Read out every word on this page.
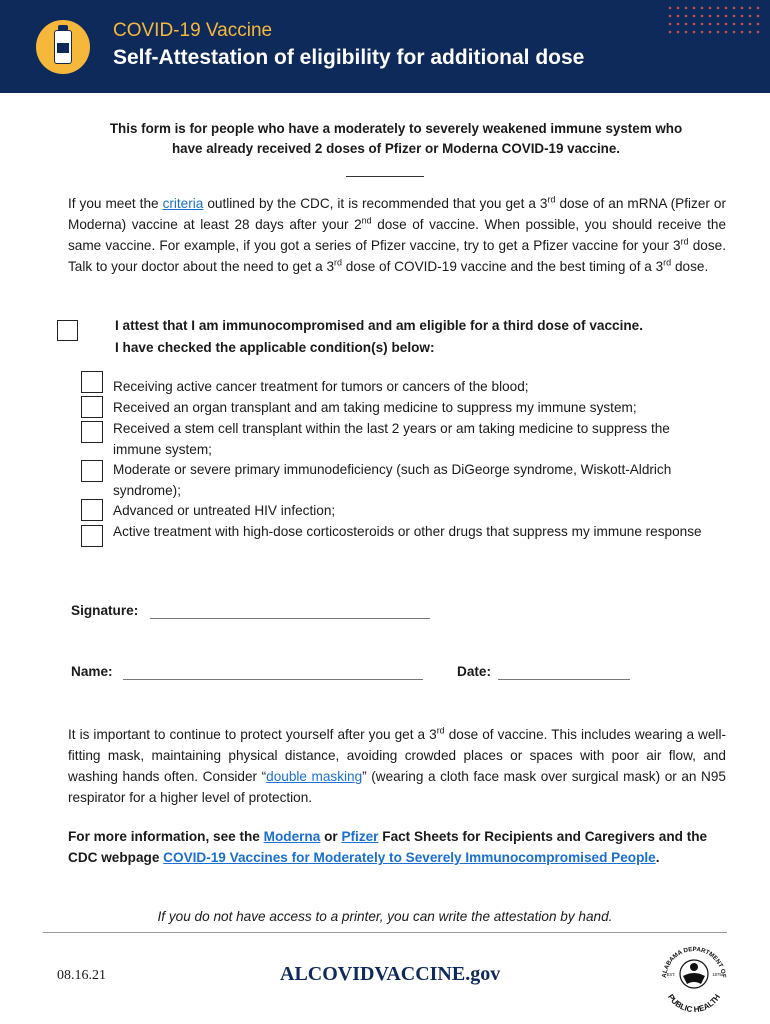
COVID-19 Vaccine
Self-Attestation of eligibility for additional dose
This form is for people who have a moderately to severely weakened immune system who
have already received 2 doses of Pfizer or Moderna COVID-19 vaccine.
If you meet the criteria outlined by the CDC, it is recommended that you get a 3rd dose of an mRNA (Pfizer or Moderna) vaccine at least 28 days after your 2nd dose of vaccine. When possible, you should receive the same vaccine. For example, if you got a series of Pfizer vaccine, try to get a Pfizer vaccine for your 3rd dose. Talk to your doctor about the need to get a 3rd dose of COVID-19 vaccine and the best timing of a 3rd dose.
I attest that I am immunocompromised and am eligible for a third dose of vaccine.
I have checked the applicable condition(s) below:
Receiving active cancer treatment for tumors or cancers of the blood;
Received an organ transplant and am taking medicine to suppress my immune system;
Received a stem cell transplant within the last 2 years or am taking medicine to suppress the immune system;
Moderate or severe primary immunodeficiency (such as DiGeorge syndrome, Wiskott-Aldrich syndrome);
Advanced or untreated HIV infection;
Active treatment with high-dose corticosteroids or other drugs that suppress my immune response
Signature:
Name:	Date:
It is important to continue to protect yourself after you get a 3rd dose of vaccine. This includes wearing a well-fitting mask, maintaining physical distance, avoiding crowded places or spaces with poor air flow, and washing hands often. Consider “double masking” (wearing a cloth face mask over surgical mask) or an N95 respirator for a higher level of protection.
For more information, see the Moderna or Pfizer Fact Sheets for Recipients and Caregivers and the CDC webpage COVID-19 Vaccines for Moderately to Severely Immunocompromised People.
If you do not have access to a printer, you can write the attestation by hand.
08.16.21	ALCOVIDVACCINE.gov	ALABAMA DEPARTMENT OF
PUBLIC HEALTH
EST.	1875
